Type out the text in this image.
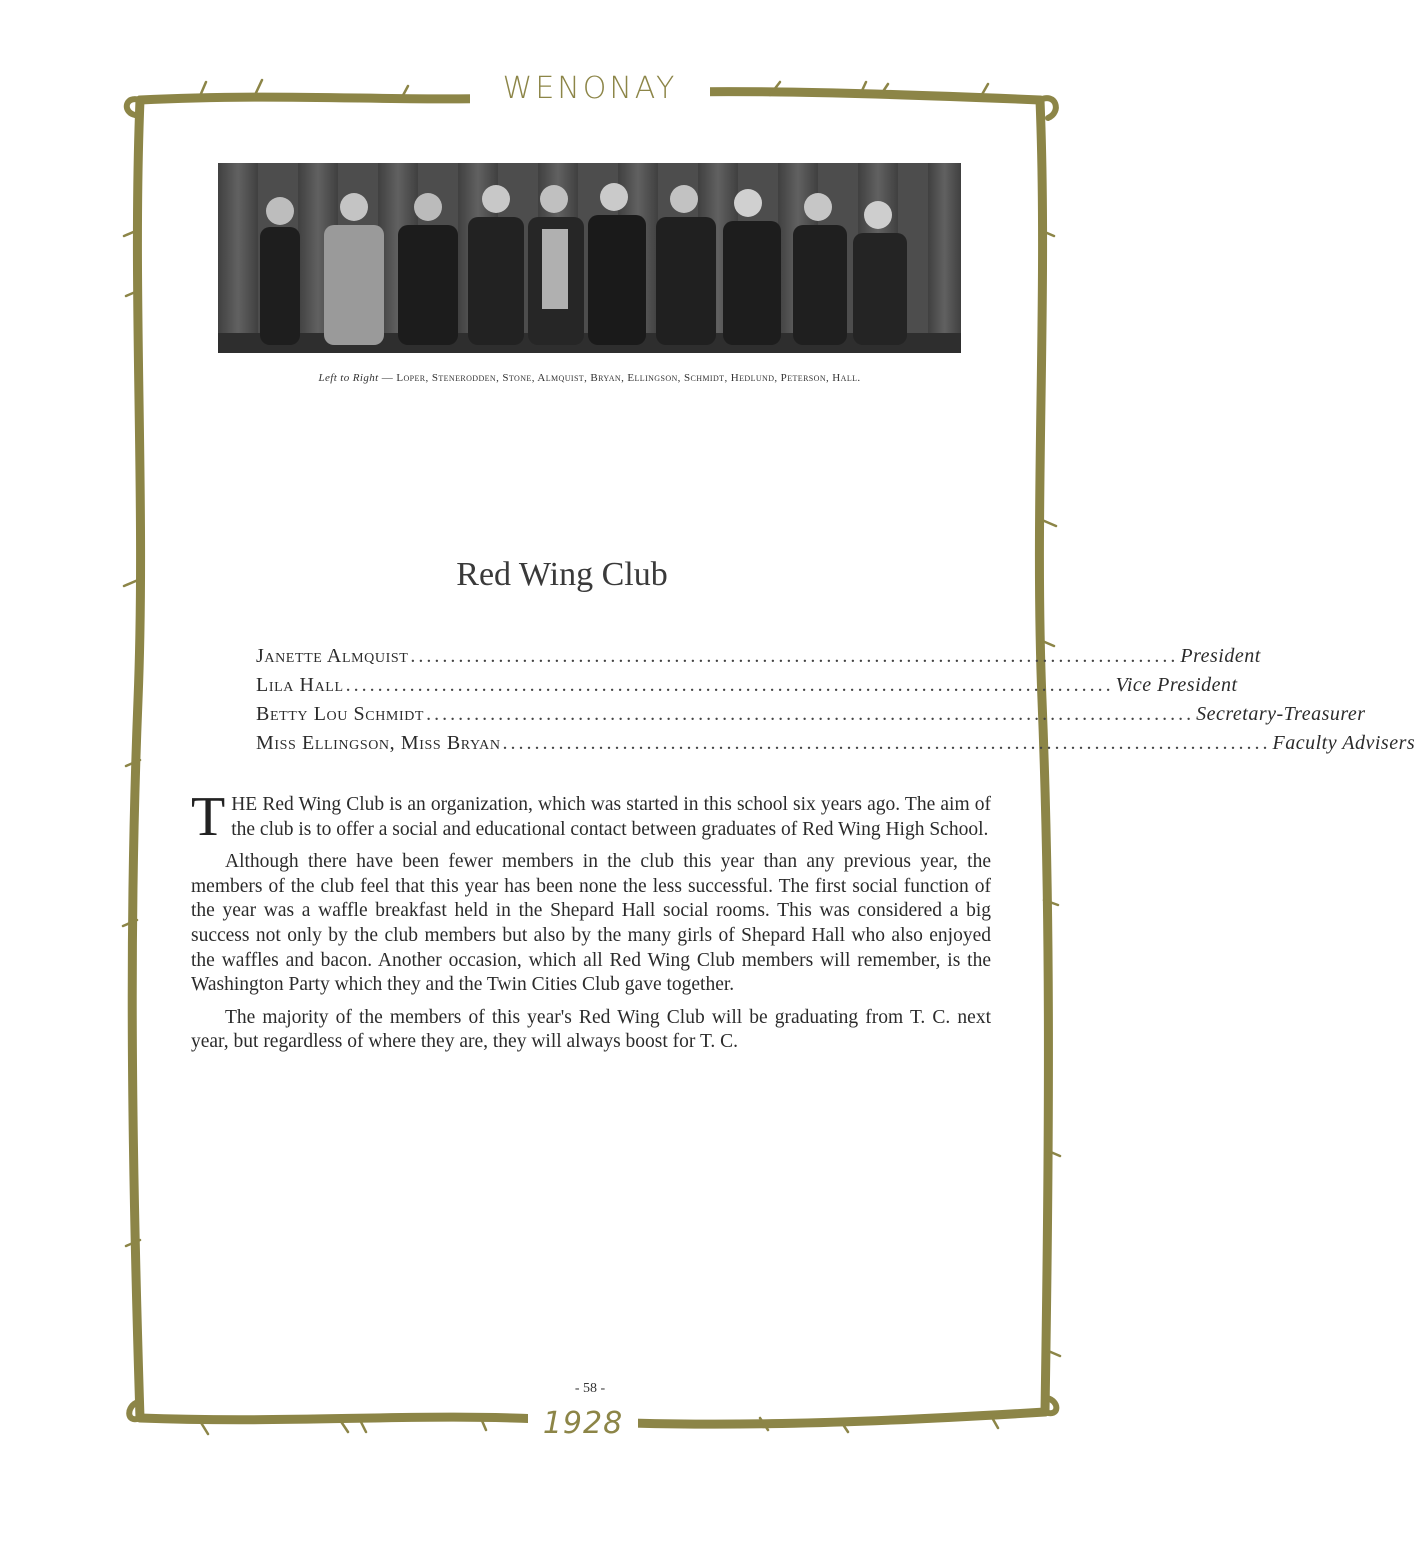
WENONAY
1928
Left to Right — Loper, Stenerodden, Stone, Almquist, Bryan, Ellingson, Schmidt, Hedlund, Peterson, Hall.
Red Wing Club
Janette Almquist ................................................................................................ President
Lila Hall ................................................................................................ Vice President
Betty Lou Schmidt ................................................................................................ Secretary-Treasurer
Miss Ellingson, Miss Bryan ................................................................................................ Faculty Advisers

THE Red Wing Club is an organization, which was started in this school six years ago. The aim of the club is to offer a social and educational contact between graduates of Red Wing High School.

Although there have been fewer members in the club this year than any previous year, the members of the club feel that this year has been none the less successful. The first social function of the year was a waffle breakfast held in the Shepard Hall social rooms. This was considered a big success not only by the club members but also by the many girls of Shepard Hall who also enjoyed the waffles and bacon. Another occasion, which all Red Wing Club members will remember, is the Washington Party which they and the Twin Cities Club gave together.

The majority of the members of this year's Red Wing Club will be graduating from T. C. next year, but regardless of where they are, they will always boost for T. C.

- 58 -
